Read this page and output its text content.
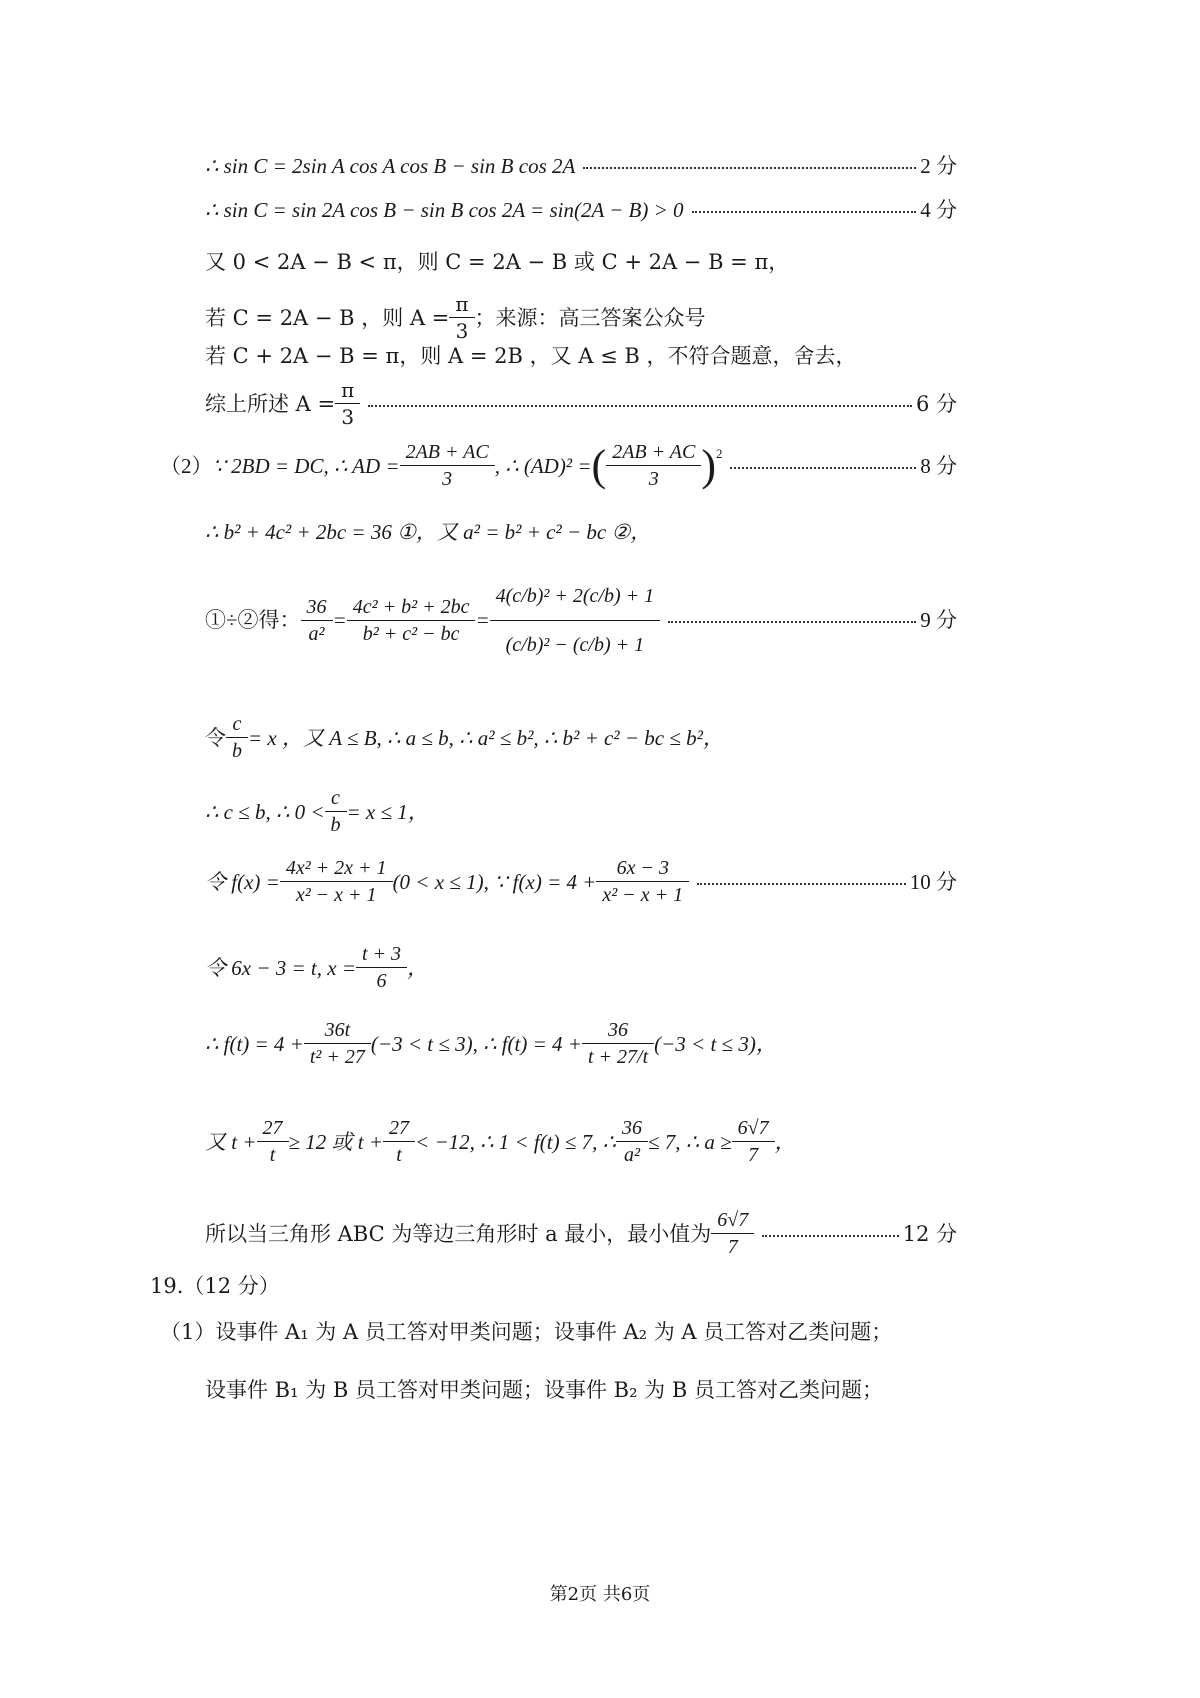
∴ sin C = 2sin A cos A cos B − sin B cos 2A	2 分
∴ sin C = sin 2A cos B − sin B cos 2A = sin(2A − B) > 0	4 分
又 0 < 2A − B < π，则 C = 2A − B 或 C + 2A − B = π，
若 C = 2A − B ，则 $A = \frac{\pi}{3}$ ；来源：高三答案公众号
若 C + 2A − B = π，则 A = 2B ，又 A ≤ B ，不符合题意，舍去，
综上所述 $A = \frac{\pi}{3}$	6 分
（2） ∵ 2BD = DC, ∴ AD = $\frac{2AB + AC}{3}$ , ∴ (AD)² = ( $\frac{2AB + AC}{3}$ ) 2	8 分
∴ b² + 4c² + 2bc = 36 ①，又 a² = b² + c² − bc ②，
①÷②得： $\frac{36}{\text{a²}} = \frac{\text{4c² + b² + 2bc}}{\text{b² + c² − bc}} = \frac{\text{4(c/b)² + 2(c/b) + 1}}{\text{(c/b)² − (c/b) + 1}}$	9 分
令 $\frac{c}{b} = x$ ，又 A ≤ B, ∴ a ≤ b, ∴ a² ≤ b², ∴ b² + c² − bc ≤ b²，
∴ c ≤ b, ∴ $0 < \frac{c}{b} = x \le 1$，
令 $f(x) = \frac{\text{4x² + 2x + 1}}{\text{x² − x + 1}} (0 < x \le 1)$, ∵ $f(x) = 4 + \frac{6x - 3}{\text{x² − x + 1}}$	10 分
令 6x − 3 = t, $x = \frac{t + 3}{6}$ ，
∴ $f(t) = 4 + \frac{36t}{\text{t² + 27}} (-3 < t \le 3)$, ∴ $f(t) = 4 + \frac{36}{t + 27/t} (-3 < t \le 3)$，
又 $t + \frac{27}{t} \ge 12$ 或 $t + \frac{27}{t} < -12$, ∴ 1 < f(t) ≤ 7, ∴ $\frac{36}{\text{a²}} \le 7$, ∴ $a \ge \frac{6√7}{7}$ ，
所以当三角形 ABC 为等边三角形时 a 最小，最小值为 $\frac{6√7}{7}$	12 分
19.（12 分）
（1）设事件 A₁ 为 A 员工答对甲类问题；设事件 A₂ 为 A 员工答对乙类问题；
设事件 B₁ 为 B 员工答对甲类问题；设事件 B₂ 为 B 员工答对乙类问题；
第2页 共6页
